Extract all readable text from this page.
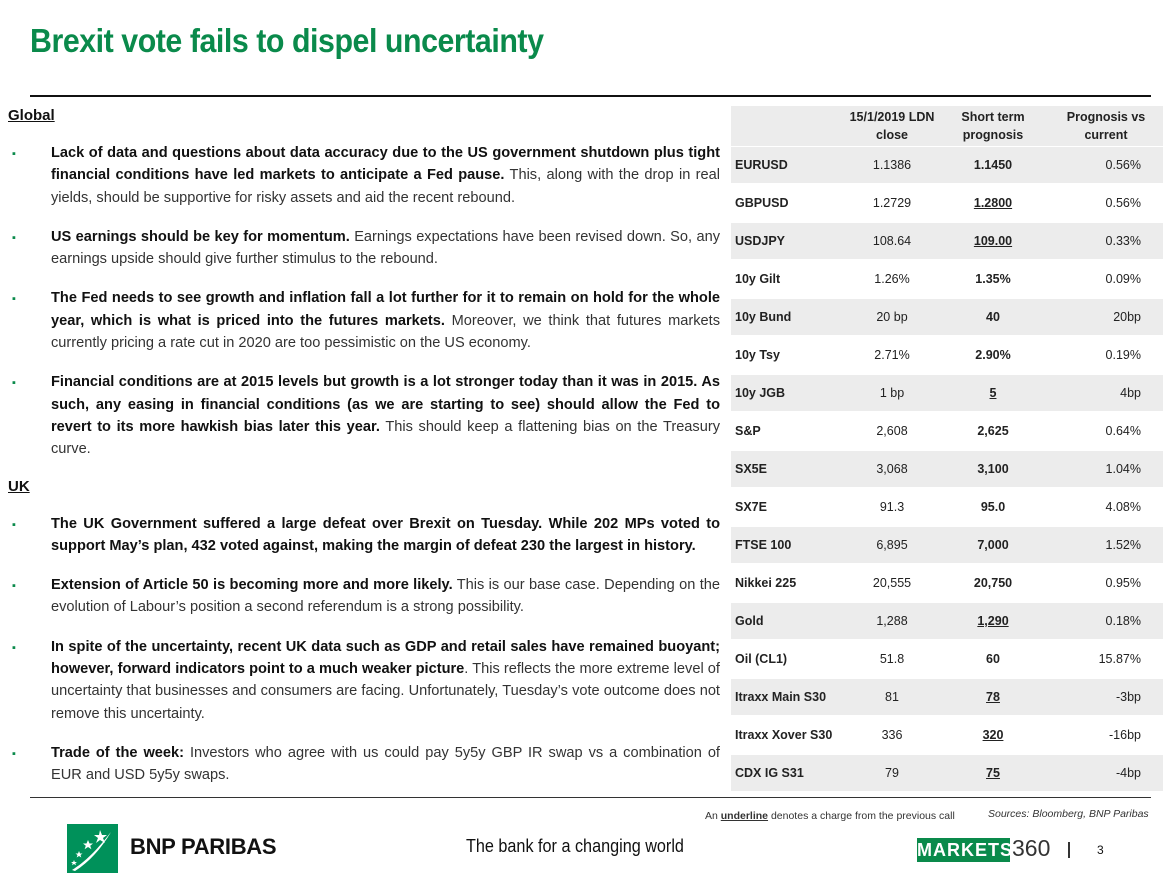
Brexit vote fails to dispel uncertainty
Global
▪ Lack of data and questions about data accuracy due to the US government shutdown plus tight financial conditions have led markets to anticipate a Fed pause. This, along with the drop in real yields, should be supportive for risky assets and aid the recent rebound.
▪ US earnings should be key for momentum. Earnings expectations have been revised down. So, any earnings upside should give further stimulus to the rebound.
▪ The Fed needs to see growth and inflation fall a lot further for it to remain on hold for the whole year, which is what is priced into the futures markets. Moreover, we think that futures markets currently pricing a rate cut in 2020 are too pessimistic on the US economy.
▪ Financial conditions are at 2015 levels but growth is a lot stronger today than it was in 2015. As such, any easing in financial conditions (as we are starting to see) should allow the Fed to revert to its more hawkish bias later this year. This should keep a flattening bias on the Treasury curve.
UK
▪ The UK Government suffered a large defeat over Brexit on Tuesday. While 202 MPs voted to support May’s plan, 432 voted against, making the margin of defeat 230 the largest in history.
▪ Extension of Article 50 is becoming more and more likely. This is our base case. Depending on the evolution of Labour’s position a second referendum is a strong possibility.
▪ In spite of the uncertainty, recent UK data such as GDP and retail sales have remained buoyant; however, forward indicators point to a much weaker picture. This reflects the more extreme level of uncertainty that businesses and consumers are facing. Unfortunately, Tuesday’s vote outcome does not remove this uncertainty.
▪ Trade of the week: Investors who agree with us could pay 5y5y GBP IR swap vs a combination of EUR and USD 5y5y swaps.
	15/1/2019 LDN close	Short term prognosis	Prognosis vs current
EURUSD	1.1386	1.1450	0.56%
GBPUSD	1.2729	1.2800	0.56%
USDJPY	108.64	109.00	0.33%
10y Gilt	1.26%	1.35%	0.09%
10y Bund	20 bp	40	20bp
10y Tsy	2.71%	2.90%	0.19%
10y JGB	1 bp	5	4bp
S&P	2,608	2,625	0.64%
SX5E	3,068	3,100	1.04%
SX7E	91.3	95.0	4.08%
FTSE 100	6,895	7,000	1.52%
Nikkei 225	20,555	20,750	0.95%
Gold	1,288	1,290	0.18%
Oil (CL1)	51.8	60	15.87%
Itraxx Main S30	81	78	-3bp
Itraxx Xover S30	336	320	-16bp
CDX IG S31	79	75	-4bp
An underline denotes a charge from the previous call	Sources: Bloomberg, BNP Paribas
BNP PARIBAS	The bank for a changing world	MARKETS 360	3
